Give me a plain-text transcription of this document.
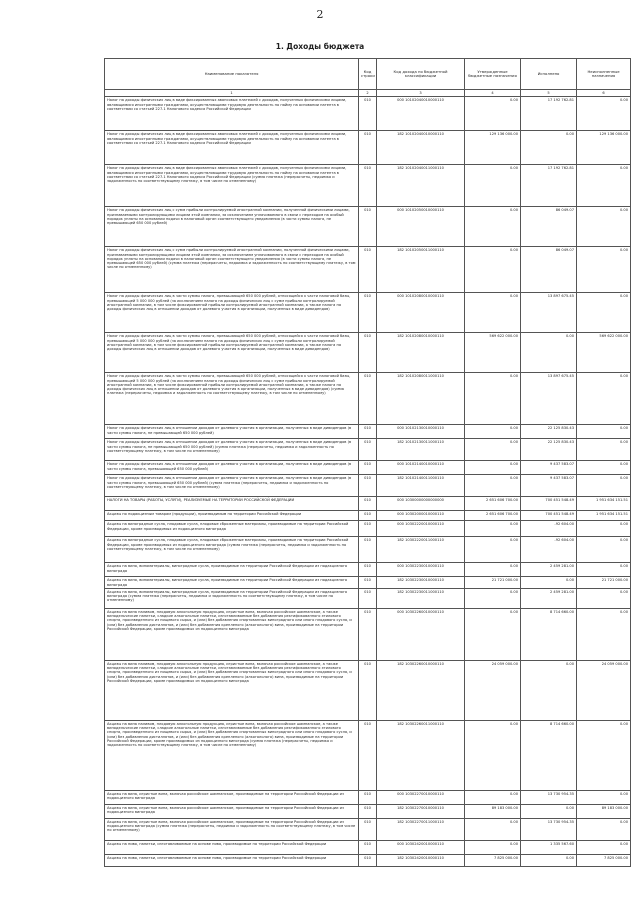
2
1. Доходы бюджета
Наименование показателя	Код строки	Код дохода по бюджетной классификации	Утвержденные бюджетные назначения	Исполнено	Неисполненные назначения
1	2	3	4	5	6
Налог на доходы физических лиц в виде фиксированных авансовых платежей с доходов, полученных физическими лицами, являющимися иностранными гражданами, осуществляющими трудовую деятельность по найму на основании патента в соответствии со статьей 227.1 Налогового кодекса Российской Федерации	010	000 10102040010000110	0.00	17 192 762.81	0.00
Налог на доходы физических лиц в виде фиксированных авансовых платежей с доходов, полученных физическими лицами, являющимися иностранными гражданами, осуществляющими трудовую деятельность по найму на основании патента в соответствии со статьей 227.1 Налогового кодекса Российской Федерации	010	182 10102040010000110	129 136 000.00	0.00	129 136 000.00
Налог на доходы физических лиц в виде фиксированных авансовых платежей с доходов, полученных физическими лицами, являющимися иностранными гражданами, осуществляющими трудовую деятельность по найму на основании патента в соответствии со статьей 227.1 Налогового кодекса Российской Федерации (сумма платежа (перерасчеты, недоимка и задолженность по соответствующему платежу, в том числе по отмененному)	010	182 10102040011000110	0.00	17 192 762.81	0.00
Налог на доходы физических лиц с сумм прибыли контролируемой иностранной компании, полученной физическими лицами, признаваемыми контролирующими лицами этой компании, за исключением уплачиваемого в связи с переходом на особый порядок уплаты на основании подачи в налоговый орган соответствующего уведомления (в части суммы налога, не превышающей 650 000 рублей)	010	000 10102050010000110	0.00	86 049.07	0.00
Налог на доходы физических лиц с сумм прибыли контролируемой иностранной компании, полученной физическими лицами, признаваемыми контролирующими лицами этой компании, за исключением уплачиваемого в связи с переходом на особый порядок уплаты на основании подачи в налоговый орган соответствующего уведомления (в части суммы налога, не превышающей 650 000 рублей) (сумма платежа (перерасчеты, недоимка и задолженность по соответствующему платежу, в том числе по отмененному)	010	182 10102050011000110	0.00	86 049.07	0.00
Налог на доходы физических лиц в части суммы налога, превышающей 650 000 рублей, относящейся к части налоговой базы, превышающей 5 000 000 рублей (за исключением налога на доходы физических лиц с сумм прибыли контролируемой иностранной компании, в том числе фиксированной прибыли контролируемой иностранной компании, а также налога на доходы физических лиц в отношении доходов от долевого участия в организации, полученных в виде дивидендов)	010	000 10102080010000110	0.00	13 897 675.45	0.00
Налог на доходы физических лиц в части суммы налога, превышающей 650 000 рублей, относящейся к части налоговой базы, превышающей 5 000 000 рублей (за исключением налога на доходы физических лиц с сумм прибыли контролируемой иностранной компании, в том числе фиксированной прибыли контролируемой иностранной компании, а также налога на доходы физических лиц в отношении доходов от долевого участия в организации, полученных в виде дивидендов)	010	182 10102080010000110	569 622 000.00	0.00	569 622 000.00
Налог на доходы физических лиц в части суммы налога, превышающей 650 000 рублей, относящейся к части налоговой базы, превышающей 5 000 000 рублей (за исключением налога на доходы физических лиц с сумм прибыли контролируемой иностранной компании, в том числе фиксированной прибыли контролируемой иностранной компании, а также налога на доходы физических лиц в отношении доходов от долевого участия в организации, полученных в виде дивидендов) (сумма платежа (перерасчеты, недоимка и задолженность по соответствующему платежу, в том числе по отмененному)	010	182 10102080011000110	0.00	13 897 675.45	0.00
Налог на доходы физических лиц в отношении доходов от долевого участия в организации, полученных в виде дивидендов (в части суммы налога, не превышающей 650 000 рублей)	010	000 10102130010000110	0.00	22 125 830.43	0.00
Налог на доходы физических лиц в отношении доходов от долевого участия в организации, полученных в виде дивидендов (в части суммы налога, не превышающей 650 000 рублей) (сумма платежа (перерасчеты, недоимка и задолженность по соответствующему платежу, в том числе по отмененному)	010	182 10102130011000110	0.00	22 125 830.43	0.00
Налог на доходы физических лиц в отношении доходов от долевого участия в организации, полученных в виде дивидендов (в части суммы налога, превышающей 650 000 рублей)	010	000 10102140010000110	0.00	9 437 583.07	0.00
Налог на доходы физических лиц в отношении доходов от долевого участия в организации, полученных в виде дивидендов (в части суммы налога, превышающей 650 000 рублей) (сумма платежа (перерасчеты, недоимка и задолженность по соответствующему платежу, в том числе по отмененному)	010	182 10102140011000110	0.00	9 437 583.07	0.00
НАЛОГИ НА ТОВАРЫ (РАБОТЫ, УСЛУГИ), РЕАЛИЗУЕМЫЕ НА ТЕРРИТОРИИ РОССИЙСКОЙ ФЕДЕРАЦИИ	010	000 10300000000000000	2 651 606 700.00	700 451 548.49	1 951 634 151.51
Акцизы по подакцизным товарам (продукции), производимым на территории Российской Федерации	010	000 10302000010000110	2 651 606 700.00	700 451 548.49	1 951 634 151.51
Акцизы на виноградные сусла, плодовые сусла, плодовые сброженные материалы, производимые на территории Российской Федерации, кроме производимых из подакцизного винограда	010	000 10302220010000110	0.00	-92 604.00	0.00
Акцизы на виноградные сусла, плодовые сусла, плодовые сброженные материалы, производимые на территории Российской Федерации, кроме производимых из подакцизного винограда (сумма платежа (перерасчеты, недоимка и задолженность по соответствующему платежу, в том числе по отмененному)	010	182 10302220011000110	0.00	-92 604.00	0.00
Акцизы на вино, виноматериалы, виноградные сусла, производимые на территории Российской Федерации из подакцизного винограда	010	000 10302230010000110	0.00	2 459 281.00	0.00
Акцизы на вино, виноматериалы, виноградные сусла, производимые на территории Российской Федерации из подакцизного винограда	010	182 10302230010000110	21 721 000.00	0.00	21 721 000.00
Акцизы на вино, виноматериалы, виноградные сусла, производимые на территории Российской Федерации из подакцизного винограда (сумма платежа (перерасчеты, недоимка и задолженность по соответствующему платежу, в том числе по отмененному)	010	182 10302230011000110	0.00	2 459 281.00	0.00
Акцизы на вина наливом, плодовую алкогольную продукцию, игристые вина, включая российское шампанское, а также винодельческие напитки, сладкие алкогольные напитки, изготавливаемые без добавления ректификованного этилового спирта, произведенного из пищевого сырья, и (или) без добавления спиртованных виноградного или иного плодового сусла, и (или) без добавления дистиллятов, и (или) без добавления крепленого (алкогольного) вина, производимые на территории Российской Федерации, кроме производимых из подакцизного винограда	010	000 10302260010000110	0.00	8 714 660.00	0.00
Акцизы на вина наливом, плодовую алкогольную продукцию, игристые вина, включая российское шампанское, а также винодельческие напитки, сладкие алкогольные напитки, изготавливаемые без добавления ректификованного этилового спирта, произведенного из пищевого сырья, и (или) без добавления спиртованных виноградного или иного плодового сусла, и (или) без добавления дистиллятов, и (или) без добавления крепленого (алкогольного) вина, производимые на территории Российской Федерации, кроме производимых из подакцизного винограда	010	182 10302260010000110	24 059 000.00	0.00	24 059 000.00
Акцизы на вина наливом, плодовую алкогольную продукцию, игристые вина, включая российское шампанское, а также винодельческие напитки, сладкие алкогольные напитки, изготавливаемые без добавления ректификованного этилового спирта, произведенного из пищевого сырья, и (или) без добавления спиртованных виноградного или иного плодового сусла, и (или) без добавления дистиллятов, и (или) без добавления крепленого (алкогольного) вина, производимые на территории Российской Федерации, кроме производимых из подакцизного винограда (сумма платежа (перерасчеты, недоимка и задолженность по соответствующему платежу, в том числе по отмененному)	010	182 10302260011000110	0.00	8 714 660.00	0.00
Акцизы на вина, игристые вина, включая российское шампанское, производимые на территории Российской Федерации из подакцизного винограда	010	000 10302270010000110	0.00	13 730 954.35	0.00
Акцизы на вина, игристые вина, включая российское шампанское, производимые на территории Российской Федерации из подакцизного винограда	010	182 10302270010000110	89 183 000.00	0.00	89 183 000.00
Акцизы на вина, игристые вина, включая российское шампанское, производимые на территории Российской Федерации из подакцизного винограда (сумма платежа (перерасчеты, недоимка и задолженность по соответствующему платежу, в том числе по отмененному)	010	182 10302270011000110	0.00	13 730 954.35	0.00
Акцизы на пиво, напитки, изготавливаемые на основе пива, производимые на территории Российской Федерации	010	000 10302420010000110	0.00	1 335 567.60	0.00
Акцизы на пиво, напитки, изготавливаемые на основе пива, производимые на территории Российской Федерации	010	182 10302420010000110	7 825 000.00	0.00	7 825 000.00
